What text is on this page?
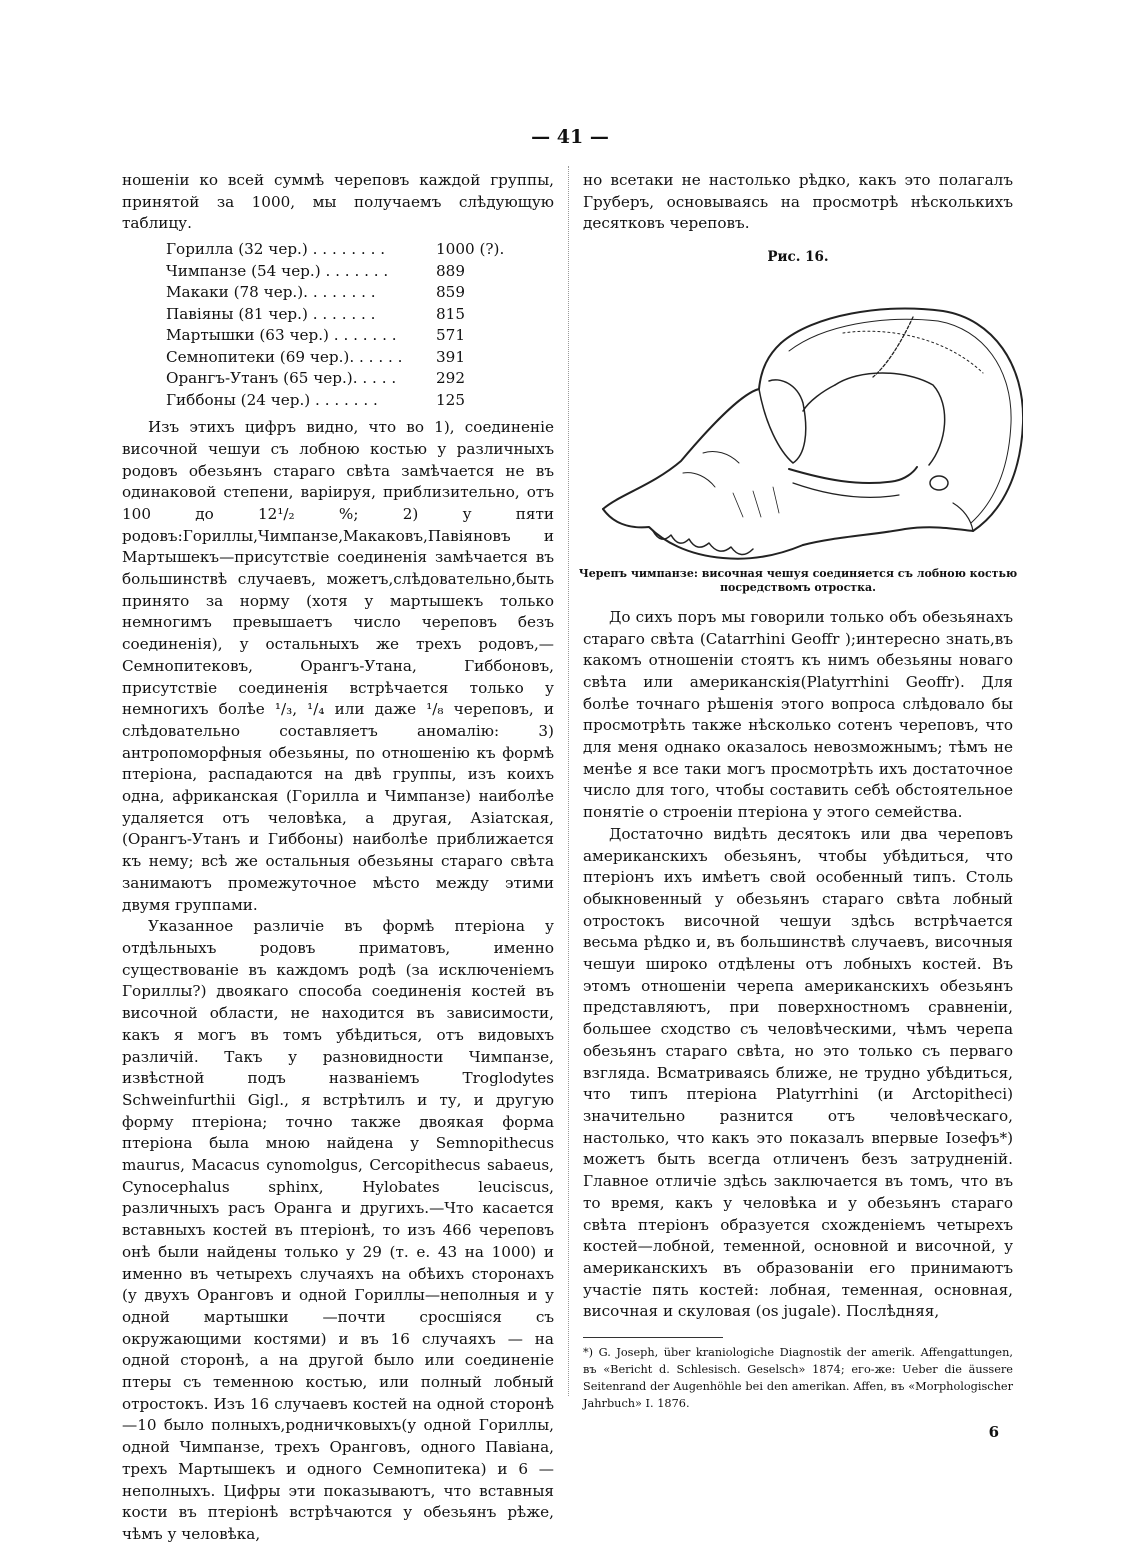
— 41 —

ношеніи ко всей суммѣ череповъ каждой группы, принятой за 1000, мы получаемъ слѣдующую таблицу.

Горилла (32 чер.) . . . . . . . .	1000 (?).
Чимпанзе (54 чер.) . . . . . . .	889
Макаки (78 чер.). . . . . . . .	859
Павіяны (81 чер.) . . . . . . .	815
Мартышки (63 чер.) . . . . . . .	571
Семнопитеки (69 чер.). . . . . .	391
Орангъ-Утанъ (65 чер.). . . . .	292
Гиббоны (24 чер.) . . . . . . .	125

Изъ этихъ цифръ видно, что во 1), соединеніе височной чешуи съ лобною костью у различныхъ родовъ обезьянъ стараго свѣта замѣчается не въ одинаковой степени, варіируя, приблизительно, отъ 100 до 12¹/₂ %; 2) у пяти родовъ:Гориллы,Чимпанзе,Макаковъ,Павіяновъ и Мартышекъ—присутствіе соединенія замѣчается въ большинствѣ случаевъ, можетъ,слѣдовательно,быть принято за норму (хотя у мартышекъ только немногимъ превышаетъ число череповъ безъ соединенія), у остальныхъ же трехъ родовъ,—Семнопитековъ, Орангъ-Утана, Гиббоновъ, присутствіе соединенія встрѣчается только у немногихъ болѣе ¹/₃, ¹/₄ или даже ¹/₈ череповъ, и слѣдовательно составляетъ аномалію: 3) антропоморфныя обезьяны, по отношенію къ формѣ птеріона, распадаются на двѣ группы, изъ коихъ одна, африканская (Горилла и Чимпанзе) наиболѣе удаляется отъ человѣка, а другая, Азіатская, (Орангъ-Утанъ и Гиббоны) наиболѣе приближается къ нему; всѣ же остальныя обезьяны стараго свѣта занимаютъ промежуточное мѣсто между этими двумя группами.

Указанное различіе въ формѣ птеріона у отдѣльныхъ родовъ приматовъ, именно существованіе въ каждомъ родѣ (за исключеніемъ Гориллы?) двоякаго способа соединенія костей въ височной области, не находится въ зависимости, какъ я могъ въ томъ убѣдиться, отъ видовыхъ различій. Такъ у разновидности Чимпанзе, извѣстной подъ названіемъ Troglodytes Schweinfurthii Gigl., я встрѣтилъ и ту, и другую форму птеріона; точно также двоякая форма птеріона была мною найдена у Semnopithecus maurus, Macacus cynomolgus, Cercopithecus sabaeus, Cynocephalus sphinx, Hylobates leuciscus, различныхъ расъ Оранга и другихъ.—Что касается вставныхъ костей въ птеріонѣ, то изъ 466 череповъ онѣ были найдены только у 29 (т. е. 43 на 1000) и именно въ четырехъ случаяхъ на обѣихъ сторонахъ (у двухъ Оранговъ и одной Гориллы—неполныя и у одной мартышки —почти сросшіяся съ окружающими костями) и въ 16 случаяхъ — на одной сторонѣ, а на другой было или соединеніе птеры съ теменною костью, или полный лобный отростокъ. Изъ 16 случаевъ костей на одной сторонѣ—10 было полныхъ,родничковыхъ(у одной Гориллы, одной Чимпанзе, трехъ Оранговъ, одного Павіана, трехъ Мартышекъ и одного Семнопитека) и 6 — неполныхъ. Цифры эти показываютъ, что вставныя кости въ птеріонѣ встрѣчаются у обезьянъ рѣже, чѣмъ у человѣка,

но всетаки не настолько рѣдко, какъ это полагалъ Груберъ, основываясь на просмотрѣ нѣсколькихъ десятковъ череповъ.

Рис. 16.
Черепъ чимпанзе: височная чешуя соединяется съ лобною костью посредствомъ отростка.

До сихъ поръ мы говорили только объ обезьянахъ стараго свѣта (Catarrhini Geoffr );интересно знать,въ какомъ отношеніи стоятъ къ нимъ обезьяны новаго свѣта или американскія(Platyrrhini Geoffr). Для болѣе точнаго рѣшенія этого вопроса слѣдовало бы просмотрѣть также нѣсколько сотенъ череповъ, что для меня однако оказалось невозможнымъ; тѣмъ не менѣе я все таки могъ просмотрѣть ихъ достаточное число для того, чтобы составить себѣ обстоятельное понятіе о строеніи птеріона у этого семейства.

Достаточно видѣть десятокъ или два череповъ американскихъ обезьянъ, чтобы убѣдиться, что птеріонъ ихъ имѣетъ свой особенный типъ. Столь обыкновенный у обезьянъ стараго свѣта лобный отростокъ височной чешуи здѣсь встрѣчается весьма рѣдко и, въ большинствѣ случаевъ, височныя чешуи широко отдѣлены отъ лобныхъ костей. Въ этомъ отношеніи черепа американскихъ обезьянъ представляютъ, при поверхностномъ сравненіи, большее сходство съ человѣческими, чѣмъ черепа обезьянъ стараго свѣта, но это только съ перваго взгляда. Всматриваясь ближе, не трудно убѣдиться, что типъ птеріона Platyrrhini (и Arctopitheci) значительно разнится отъ человѣческаго, настолько, что какъ это показалъ впервые Іозефъ*) можетъ быть всегда отличенъ безъ затрудненій. Главное отличіе здѣсь заключается въ томъ, что въ то время, какъ у человѣка и у обезьянъ стараго свѣта птеріонъ образуется схожденіемъ четырехъ костей—лобной, теменной, основной и височной, у американскихъ въ образованіи его принимаютъ участіе пять костей: лобная, теменная, основная, височная и скуловая (os jugale). Послѣдняя,

*) G. Joseph, über kraniologiche Diagnostik der amerik. Affengattungen, въ «Bericht d. Schlesisch. Geselsch» 1874; его-же: Ueber die äussere Seitenrand der Augenhöhle bei den amerikan. Affen, въ «Morphologischer Jahrbuch» I. 1876.

6
